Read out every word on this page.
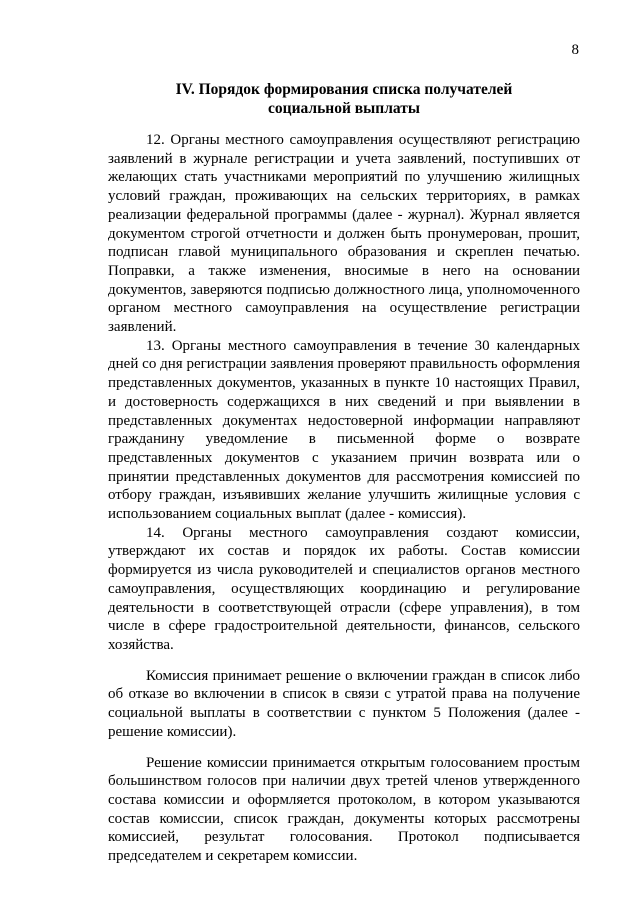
8
IV. Порядок формирования списка получателей
социальной выплаты

12. Органы местного самоуправления осуществляют регистрацию заявлений в журнале регистрации и учета заявлений, поступивших от желающих стать участниками мероприятий по улучшению жилищных условий граждан, проживающих на сельских территориях, в рамках реализации федеральной программы (далее - журнал). Журнал является документом строгой отчетности и должен быть пронумерован, прошит, подписан главой муниципального образования и скреплен печатью. Поправки, а также изменения, вносимые в него на основании документов, заверяются подписью должностного лица, уполномоченного органом местного самоуправления на осуществление регистрации заявлений.

13. Органы местного самоуправления в течение 30 календарных дней со дня регистрации заявления проверяют правильность оформления представленных документов, указанных в пункте 10 настоящих Правил, и достоверность содержащихся в них сведений и при выявлении в представленных документах недостоверной информации направляют гражданину уведомление в письменной форме о возврате представленных документов с указанием причин возврата или о принятии представленных документов для рассмотрения комиссией по отбору граждан, изъявивших желание улучшить жилищные условия с использованием социальных выплат (далее - комиссия).

14. Органы местного самоуправления создают комиссии, утверждают их состав и порядок их работы. Состав комиссии формируется из числа руководителей и специалистов органов местного самоуправления, осуществляющих координацию и регулирование деятельности в соответствующей отрасли (сфере управления), в том числе в сфере градостроительной деятельности, финансов, сельского хозяйства.

Комиссия принимает решение о включении граждан в список либо об отказе во включении в список в связи с утратой права на получение социальной выплаты в соответствии с пунктом 5 Положения (далее - решение комиссии).

Решение комиссии принимается открытым голосованием простым большинством голосов при наличии двух третей членов утвержденного состава комиссии и оформляется протоколом, в котором указываются состав комиссии, список граждан, документы которых рассмотрены комиссией, результат голосования. Протокол подписывается председателем и секретарем комиссии.
